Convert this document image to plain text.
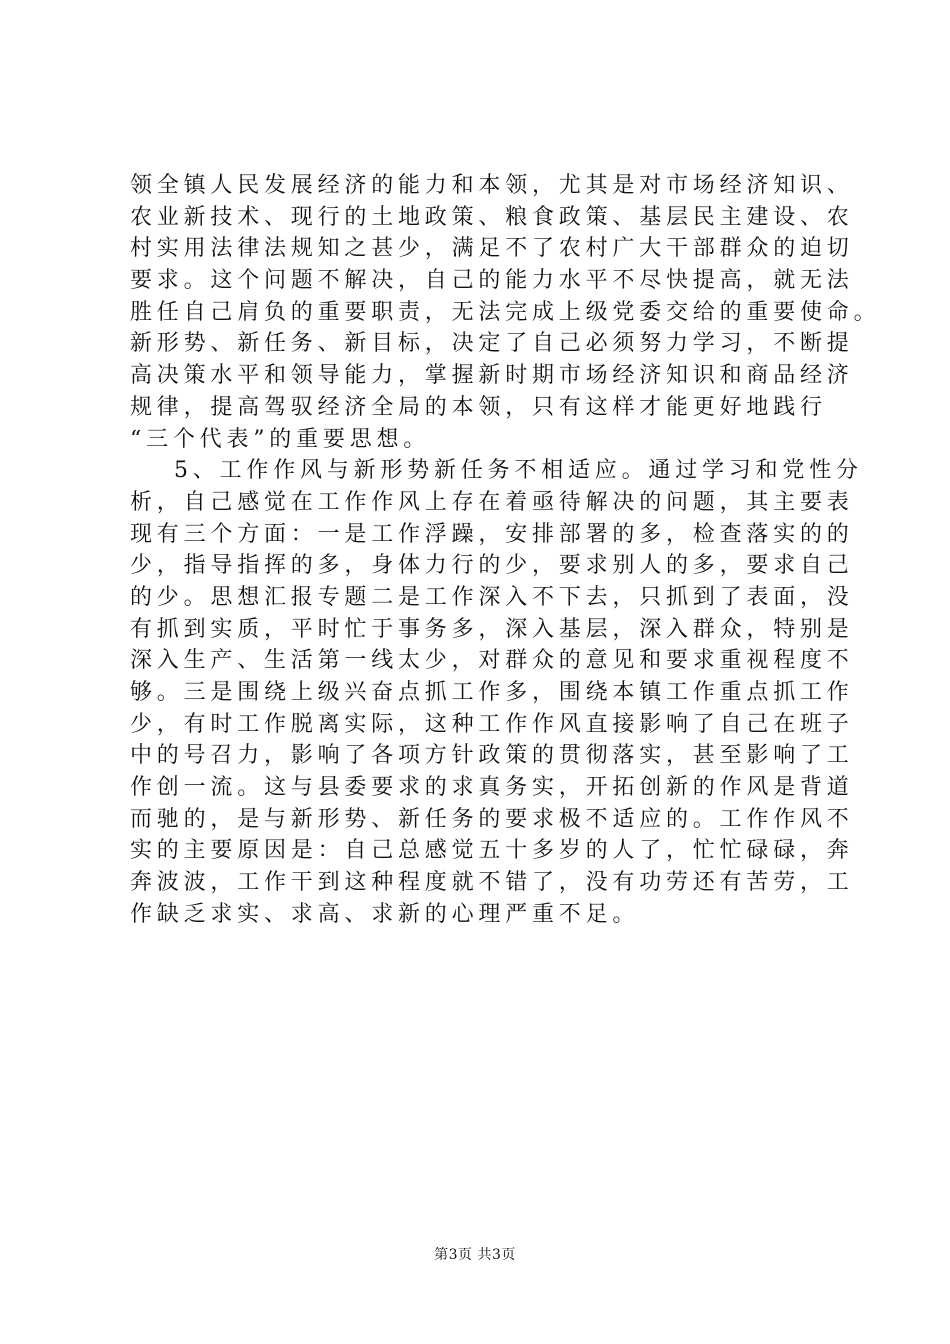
领全镇人民发展经济的能力和本领，尤其是对市场经济知识、
农业新技术、现行的土地政策、粮食政策、基层民主建设、农
村实用法律法规知之甚少，满足不了农村广大干部群众的迫切
要求。这个问题不解决，自己的能力水平不尽快提高，就无法
胜任自己肩负的重要职责，无法完成上级党委交给的重要使命。
新形势、新任务、新目标，决定了自己必须努力学习，不断提
高决策水平和领导能力，掌握新时期市场经济知识和商品经济
规律，提高驾驭经济全局的本领，只有这样才能更好地践行
“三个代表”的重要思想。
5、工作作风与新形势新任务不相适应。通过学习和党性分
析，自己感觉在工作作风上存在着亟待解决的问题，其主要表
现有三个方面：一是工作浮躁，安排部署的多，检查落实的的
少，指导指挥的多，身体力行的少，要求别人的多，要求自己
的少。思想汇报专题二是工作深入不下去，只抓到了表面，没
有抓到实质，平时忙于事务多，深入基层，深入群众，特别是
深入生产、生活第一线太少，对群众的意见和要求重视程度不
够。三是围绕上级兴奋点抓工作多，围绕本镇工作重点抓工作
少，有时工作脱离实际，这种工作作风直接影响了自己在班子
中的号召力，影响了各项方针政策的贯彻落实，甚至影响了工
作创一流。这与县委要求的求真务实，开拓创新的作风是背道
而驰的，是与新形势、新任务的要求极不适应的。工作作风不
实的主要原因是：自己总感觉五十多岁的人了，忙忙碌碌，奔
奔波波，工作干到这种程度就不错了，没有功劳还有苦劳，工
作缺乏求实、求高、求新的心理严重不足。
第3页 共3页
